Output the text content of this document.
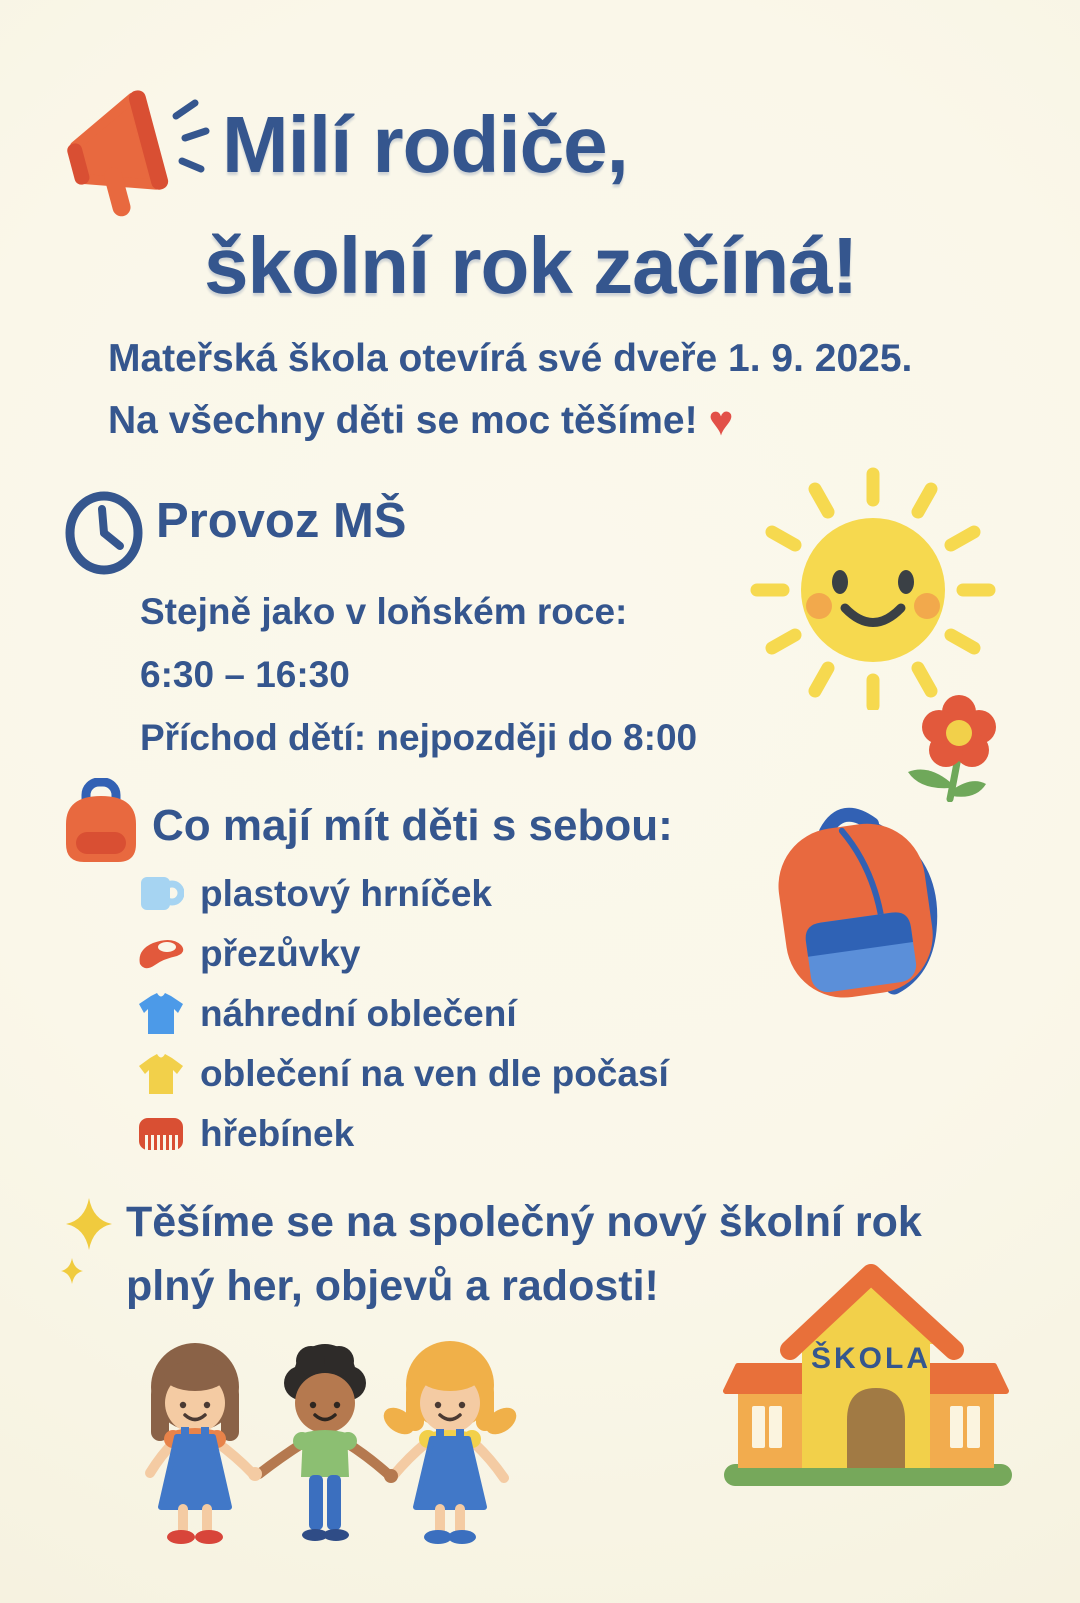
Milí rodiče,
školní rok začíná!

Mateřská škola otevírá své dveře 1. 9. 2025.
Na všechny děti se moc těšíme! ♥

Provoz MŠ
Stejně jako v loňském roce:
6:30 – 16:30
Příchod dětí: nejpozději do 8:00
Co mají mít děti s sebou:
plastový hrníček
přezůvky
náhrední oblečení
oblečení na ven dle počasí
hřebínek

Těšíme se na společný nový školní rok
plný her, objevů a radosti!

ŠKOLA
